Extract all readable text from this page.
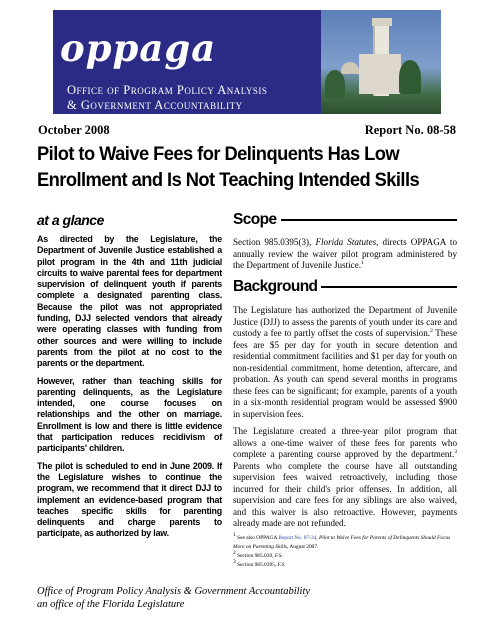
oppaga
Office of Program Policy Analysis
& Government Accountability
October 2008	Report No. 08-58
Pilot to Waive Fees for Delinquents Has Low
Enrollment and Is Not Teaching Intended Skills
at a glance

As directed by the Legislature, the Department of Juvenile Justice established a pilot program in the 4th and 11th judicial circuits to waive parental fees for department supervision of delinquent youth if parents complete a designated parenting class. Because the pilot was not appropriated funding, DJJ selected vendors that already were operating classes with funding from other sources and were willing to include parents from the pilot at no cost to the parents or the department.

However, rather than teaching skills for parenting delinquents, as the Legislature intended, one course focuses on relationships and the other on marriage. Enrollment is low and there is little evidence that participation reduces recidivism of participants' children.

The pilot is scheduled to end in June 2009. If the Legislature wishes to continue the program, we recommend that it direct DJJ to implement an evidence-based program that teaches specific skills for parenting delinquents and charge parents to participate, as authorized by law.

Scope

Section 985.0395(3), Florida Statutes, directs OPPAGA to annually review the waiver pilot program administered by the Department of Juvenile Justice.$^1$

Background

The Legislature has authorized the Department of Juvenile Justice (DJJ) to assess the parents of youth under its care and custody a fee to partly offset the costs of supervision.$^2$ These fees are $5 per day for youth in secure detention and residential commitment facilities and $1 per day for youth on non-residential commitment, home detention, aftercare, and probation. As youth can spend several months in programs these fees can be significant; for example, parents of a youth in a six-month residential program would be assessed $900 in supervision fees.

The Legislature created a three-year pilot program that allows a one-time waiver of these fees for parents who complete a parenting course approved by the department.$^3$ Parents who complete the course have all outstanding supervision fees waived retroactively, including those incurred for their child's prior offenses. In addition, all supervision and care fees for any siblings are also waived, and this waiver is also retroactive. However, payments already made are not refunded.

$^1$ See also OPPAGA Report No. 07-34, Pilot to Waive Fees for Parents of Delinquents Should Focus More on Parenting Skills, August 2007.
$^2$ Section 985.039, F.S.
$^3$ Section 985.0395, F.S.
Office of Program Policy Analysis & Government Accountability
an office of the Florida Legislature
